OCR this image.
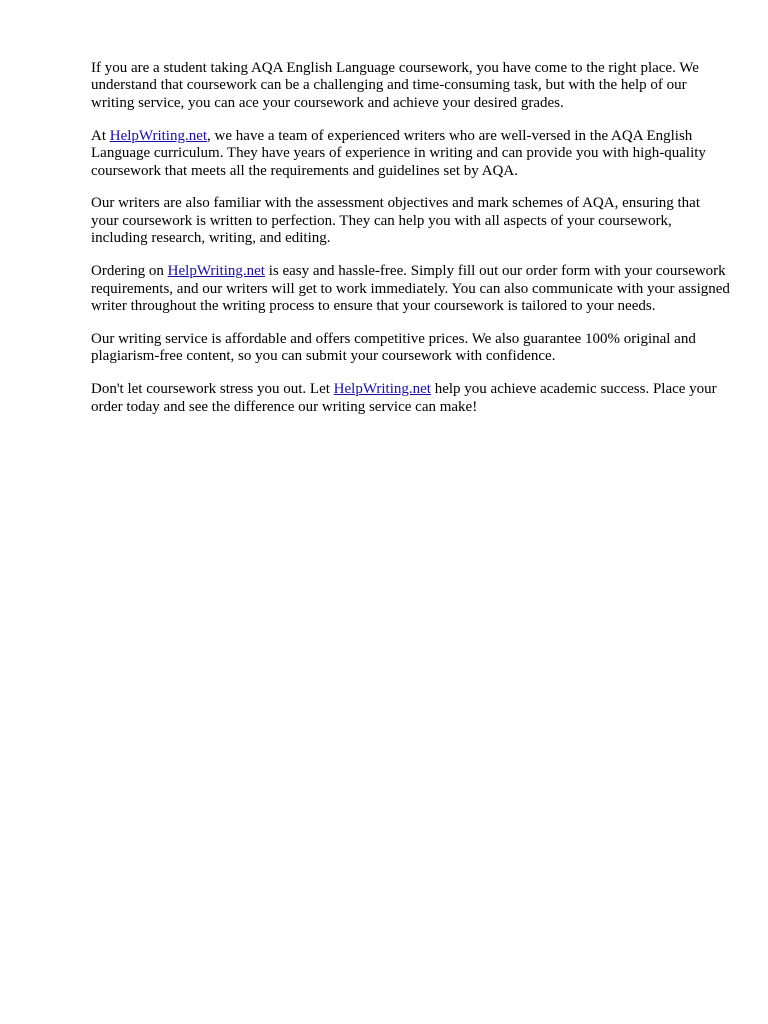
If you are a student taking AQA English Language coursework, you have come to the right place. We understand that coursework can be a challenging and time-consuming task, but with the help of our writing service, you can ace your coursework and achieve your desired grades.

At HelpWriting.net, we have a team of experienced writers who are well-versed in the AQA English Language curriculum. They have years of experience in writing and can provide you with high-quality coursework that meets all the requirements and guidelines set by AQA.

Our writers are also familiar with the assessment objectives and mark schemes of AQA, ensuring that your coursework is written to perfection. They can help you with all aspects of your coursework, including research, writing, and editing.

Ordering on HelpWriting.net is easy and hassle-free. Simply fill out our order form with your coursework requirements, and our writers will get to work immediately. You can also communicate with your assigned writer throughout the writing process to ensure that your coursework is tailored to your needs.

Our writing service is affordable and offers competitive prices. We also guarantee 100% original and plagiarism-free content, so you can submit your coursework with confidence.

Don't let coursework stress you out. Let HelpWriting.net help you achieve academic success. Place your order today and see the difference our writing service can make!
